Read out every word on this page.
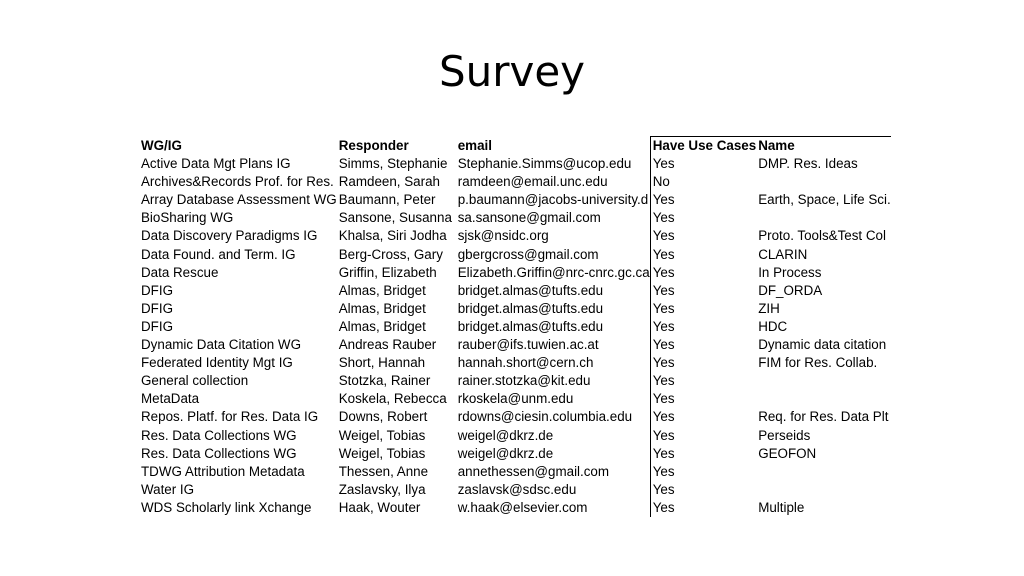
Survey
WG/IG	Responder	email	Have Use Cases	Name
Active Data Mgt Plans IG	Simms, Stephanie	Stephanie.Simms@ucop.edu	Yes	DMP. Res. Ideas
Archives&Records Prof. for Res.	Ramdeen, Sarah	ramdeen@email.unc.edu	No	
Array Database Assessment WG	Baumann, Peter	p.baumann@jacobs-university.d	Yes	Earth, Space, Life Sci.
BioSharing WG	Sansone, Susanna	sa.sansone@gmail.com	Yes	
Data Discovery Paradigms IG	Khalsa, Siri Jodha	sjsk@nsidc.org	Yes	Proto. Tools&Test Col
Data Found. and Term. IG	Berg-Cross, Gary	gbergcross@gmail.com	Yes	CLARIN
Data Rescue	Griffin, Elizabeth	Elizabeth.Griffin@nrc-cnrc.gc.ca	Yes	In Process
DFIG	Almas, Bridget	bridget.almas@tufts.edu	Yes	DF_ORDA
DFIG	Almas, Bridget	bridget.almas@tufts.edu	Yes	ZIH
DFIG	Almas, Bridget	bridget.almas@tufts.edu	Yes	HDC
Dynamic Data Citation WG	Andreas Rauber	rauber@ifs.tuwien.ac.at	Yes	Dynamic data citation
Federated Identity Mgt IG	Short, Hannah	hannah.short@cern.ch	Yes	FIM for Res. Collab.
General collection	Stotzka, Rainer	rainer.stotzka@kit.edu	Yes	
MetaData	Koskela, Rebecca	rkoskela@unm.edu	Yes	
Repos. Platf. for Res. Data IG	Downs, Robert	rdowns@ciesin.columbia.edu	Yes	Req. for Res. Data Plt
Res. Data Collections WG	Weigel, Tobias	weigel@dkrz.de	Yes	Perseids
Res. Data Collections WG	Weigel, Tobias	weigel@dkrz.de	Yes	GEOFON
TDWG Attribution Metadata	Thessen, Anne	annethessen@gmail.com	Yes	
Water IG	Zaslavsky, Ilya	zaslavsk@sdsc.edu	Yes	
WDS Scholarly link Xchange	Haak, Wouter	w.haak@elsevier.com	Yes	Multiple
